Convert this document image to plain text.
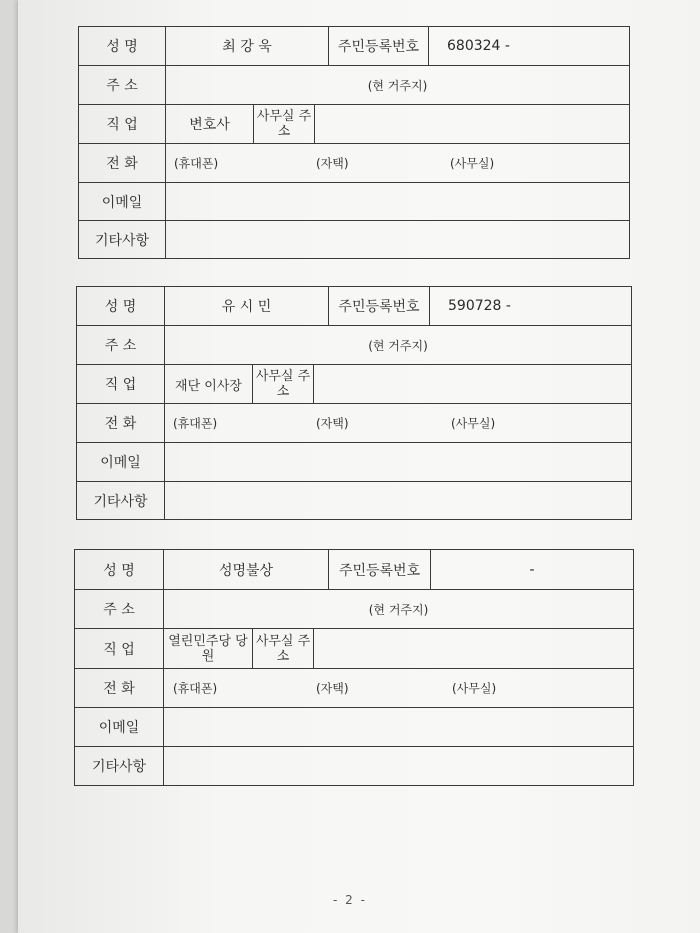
성 명	최 강 욱			주민등록번호	680324 -
주 소	(현 거주지)				
직 업	변호사	사무실 주소			
전 화	(휴대폰) (자택) (사무실)				

이메일					
기타사항					
성 명	유 시 민			주민등록번호	590728 -
주 소	(현 거주지)				
직 업	재단 이사장	사무실 주소			
전 화	(휴대폰) (자택) (사무실)				

이메일					
기타사항					
성 명	성명불상			주민등록번호	-
주 소	(현 거주지)				
직 업	열린민주당 당원	사무실 주소			
전 화	(휴대폰) (자택) (사무실)				

이메일					
기타사항					
- 2 -
